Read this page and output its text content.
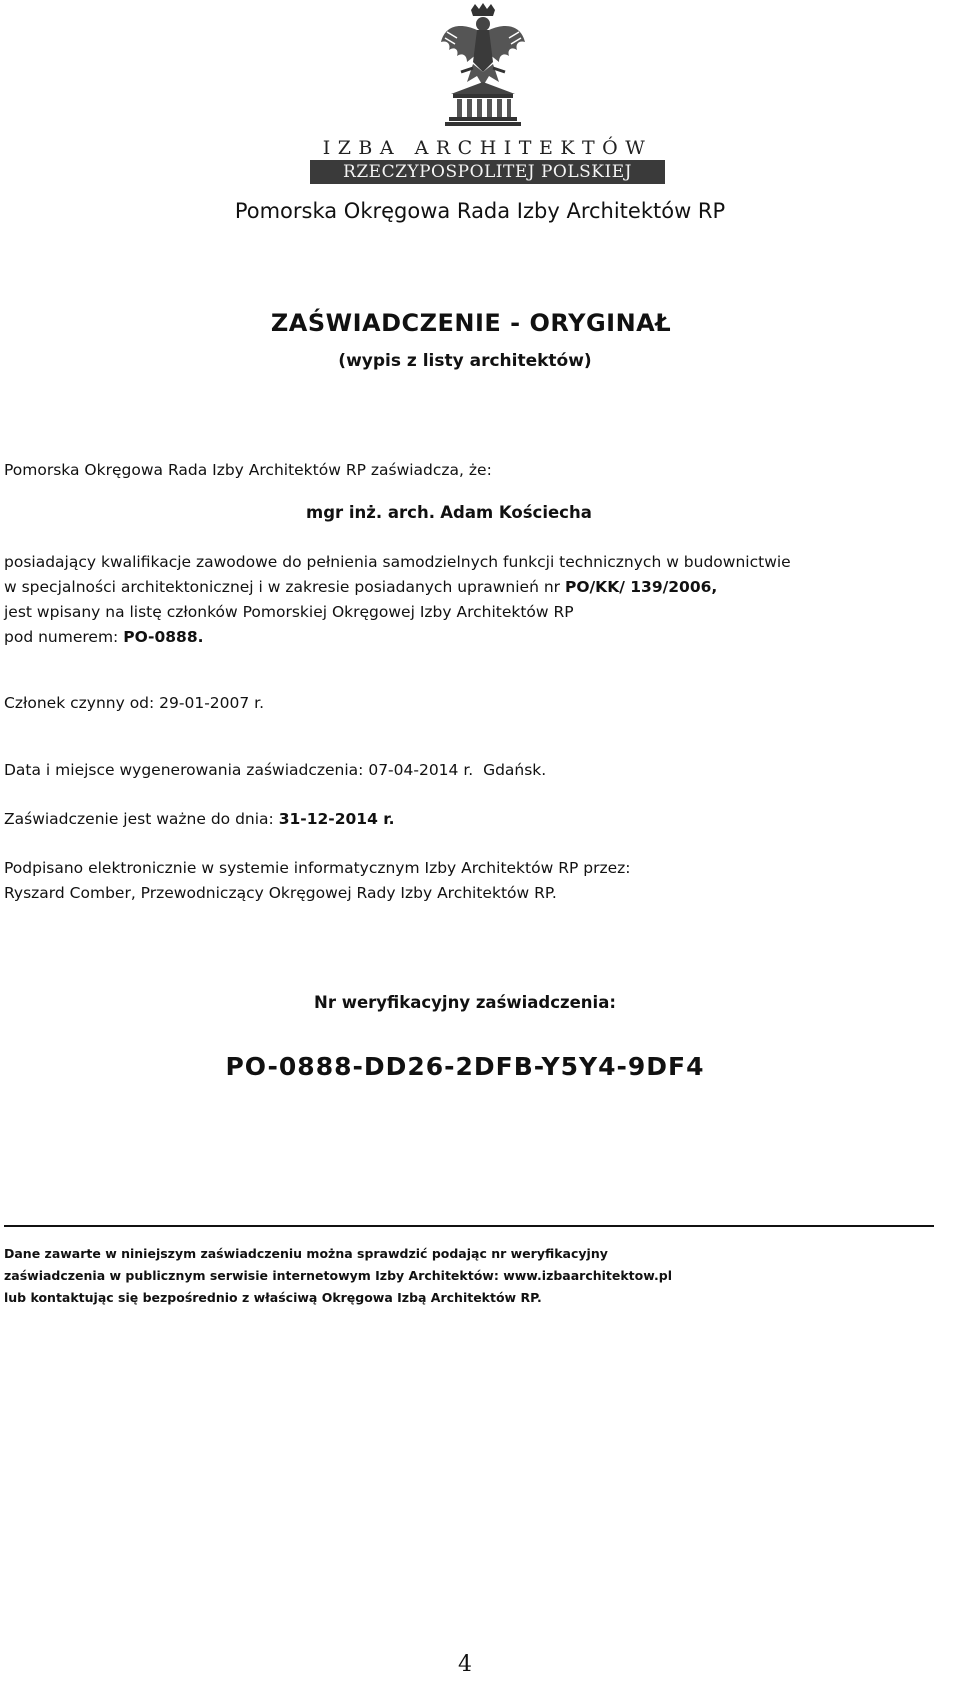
IZBA ARCHITEKTÓW
RZECZYPOSPOLITEJ POLSKIEJ
Pomorska Okręgowa Rada Izby Architektów RP
ZAŚWIADCZENIE - ORYGINAŁ
(wypis z listy architektów)
Pomorska Okręgowa Rada Izby Architektów RP zaświadcza, że:
mgr inż. arch. Adam Kościecha
posiadający kwalifikacje zawodowe do pełnienia samodzielnych funkcji technicznych w budownictwie
w specjalności architektonicznej i w zakresie posiadanych uprawnień nr PO/KK/ 139/2006,
jest wpisany na listę członków Pomorskiej Okręgowej Izby Architektów RP
pod numerem: PO-0888.
Członek czynny od: 29-01-2007 r.
Data i miejsce wygenerowania zaświadczenia: 07-04-2014 r.  Gdańsk.
Zaświadczenie jest ważne do dnia: 31-12-2014 r.
Podpisano elektronicznie w systemie informatycznym Izby Architektów RP przez:
Ryszard Comber, Przewodniczący Okręgowej Rady Izby Architektów RP.
Nr weryfikacyjny zaświadczenia:
PO-0888-DD26-2DFB-Y5Y4-9DF4
Dane zawarte w niniejszym zaświadczeniu można sprawdzić podając nr weryfikacyjny
zaświadczenia w publicznym serwisie internetowym Izby Architektów: www.izbaarchitektow.pl
lub kontaktując się bezpośrednio z właściwą Okręgowa Izbą Architektów RP.
4
